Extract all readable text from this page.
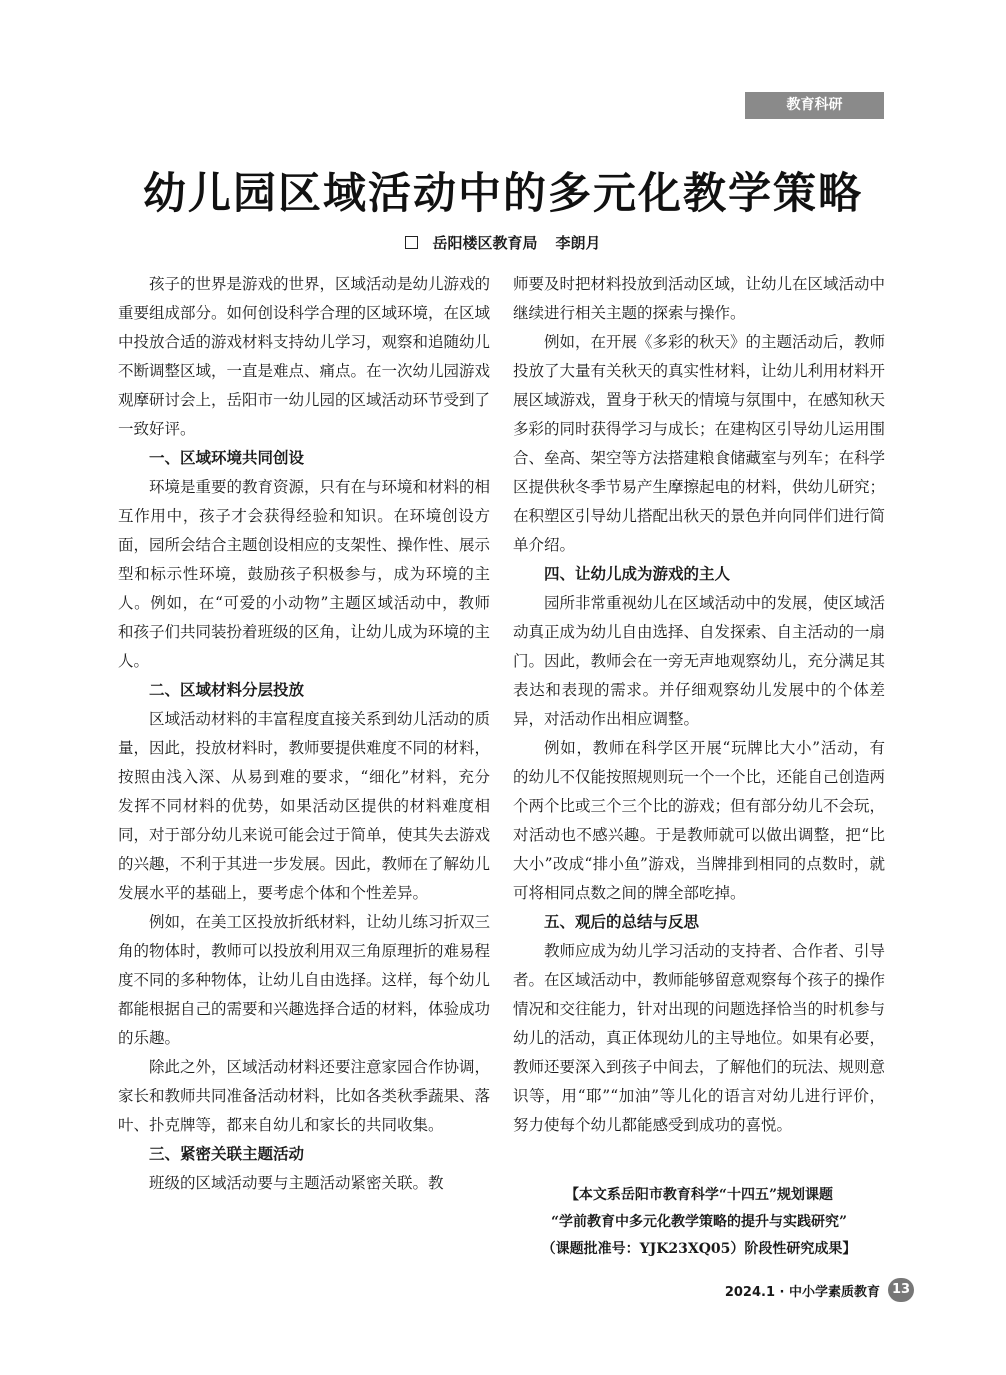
教育科研
幼儿园区域活动中的多元化教学策略
岳阳楼区教育局 李朗月

孩子的世界是游戏的世界，区域活动是幼儿游戏的重要组成部分。如何创设科学合理的区域环境，在区域中投放合适的游戏材料支持幼儿学习，观察和追随幼儿不断调整区域，一直是难点、痛点。在一次幼儿园游戏观摩研讨会上，岳阳市一幼儿园的区域活动环节受到了一致好评。

一、区域环境共同创设

环境是重要的教育资源，只有在与环境和材料的相互作用中，孩子才会获得经验和知识。在环境创设方面，园所会结合主题创设相应的支架性、操作性、展示型和标示性环境，鼓励孩子积极参与，成为环境的主人。例如，在“可爱的小动物”主题区域活动中，教师和孩子们共同装扮着班级的区角，让幼儿成为环境的主人。

二、区域材料分层投放

区域活动材料的丰富程度直接关系到幼儿活动的质量，因此，投放材料时，教师要提供难度不同的材料，按照由浅入深、从易到难的要求，“细化”材料，充分发挥不同材料的优势，如果活动区提供的材料难度相同，对于部分幼儿来说可能会过于简单，使其失去游戏的兴趣，不利于其进一步发展。因此，教师在了解幼儿发展水平的基础上，要考虑个体和个性差异。

例如，在美工区投放折纸材料，让幼儿练习折双三角的物体时，教师可以投放利用双三角原理折的难易程度不同的多种物体，让幼儿自由选择。这样，每个幼儿都能根据自己的需要和兴趣选择合适的材料，体验成功的乐趣。

除此之外，区域活动材料还要注意家园合作协调，家长和教师共同准备活动材料，比如各类秋季蔬果、落叶、扑克牌等，都来自幼儿和家长的共同收集。

三、紧密关联主题活动

班级的区域活动要与主题活动紧密关联。教

师要及时把材料投放到活动区域，让幼儿在区域活动中继续进行相关主题的探索与操作。

例如，在开展《多彩的秋天》的主题活动后，教师投放了大量有关秋天的真实性材料，让幼儿利用材料开展区域游戏，置身于秋天的情境与氛围中，在感知秋天多彩的同时获得学习与成长；在建构区引导幼儿运用围合、垒高、架空等方法搭建粮食储藏室与列车；在科学区提供秋冬季节易产生摩擦起电的材料，供幼儿研究；在积塑区引导幼儿搭配出秋天的景色并向同伴们进行简单介绍。

四、让幼儿成为游戏的主人

园所非常重视幼儿在区域活动中的发展，使区域活动真正成为幼儿自由选择、自发探索、自主活动的一扇门。因此，教师会在一旁无声地观察幼儿，充分满足其表达和表现的需求。并仔细观察幼儿发展中的个体差异，对活动作出相应调整。

例如，教师在科学区开展“玩牌比大小”活动，有的幼儿不仅能按照规则玩一个一个比，还能自己创造两个两个比或三个三个比的游戏；但有部分幼儿不会玩，对活动也不感兴趣。于是教师就可以做出调整，把“比大小”改成“排小鱼”游戏，当牌排到相同的点数时，就可将相同点数之间的牌全部吃掉。

五、观后的总结与反思

教师应成为幼儿学习活动的支持者、合作者、引导者。在区域活动中，教师能够留意观察每个孩子的操作情况和交往能力，针对出现的问题选择恰当的时机参与幼儿的活动，真正体现幼儿的主导地位。如果有必要，教师还要深入到孩子中间去，了解他们的玩法、规则意识等，用“耶”“加油”等儿化的语言对幼儿进行评价，努力使每个幼儿都能感受到成功的喜悦。

【本文系岳阳市教育科学“十四五”规划课题
“学前教育中多元化教学策略的提升与实践研究”
（课题批准号：YJK23XQ05）阶段性研究成果】
2024.1 · 中小学素质教育 13
